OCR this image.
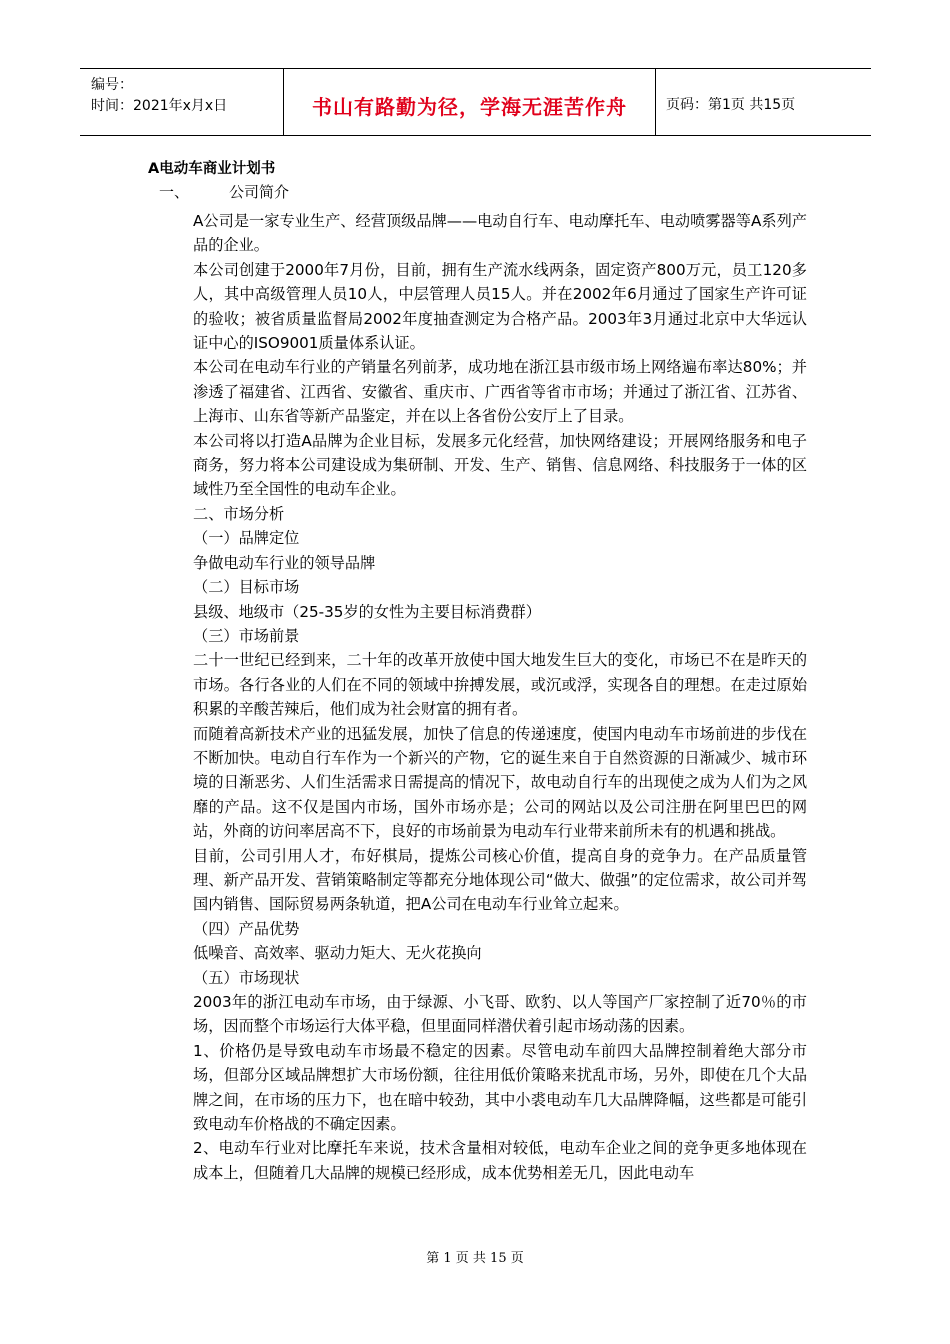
编号：
时间：2021年x月x日	书山有路勤为径，学海无涯苦作舟	页码：第1页 共15页
A电动车商业计划书
一、	公司简介

A公司是一家专业生产、经营顶级品牌——电动自行车、电动摩托车、电动喷雾器等A系列产品的企业。

本公司创建于2000年7月份，目前，拥有生产流水线两条，固定资产800万元，员工120多人，其中高级管理人员10人，中层管理人员15人。并在2002年6月通过了国家生产许可证的验收；被省质量监督局2002年度抽查测定为合格产品。2003年3月通过北京中大华远认证中心的ISO9001质量体系认证。

本公司在电动车行业的产销量名列前茅，成功地在浙江县市级市场上网络遍布率达80%；并渗透了福建省、江西省、安徽省、重庆市、广西省等省市市场；并通过了浙江省、江苏省、上海市、山东省等新产品鉴定，并在以上各省份公安厅上了目录。

本公司将以打造A品牌为企业目标，发展多元化经营，加快网络建设；开展网络服务和电子商务，努力将本公司建设成为集研制、开发、生产、销售、信息网络、科技服务于一体的区域性乃至全国性的电动车企业。

二、市场分析

（一）品牌定位

争做电动车行业的领导品牌

（二）目标市场

县级、地级市（25-35岁的女性为主要目标消费群）

（三）市场前景

二十一世纪已经到来，二十年的改革开放使中国大地发生巨大的变化，市场已不在是昨天的市场。各行各业的人们在不同的领域中拚搏发展，或沉或浮，实现各自的理想。在走过原始积累的辛酸苦辣后，他们成为社会财富的拥有者。

而随着高新技术产业的迅猛发展，加快了信息的传递速度，使国内电动车市场前进的步伐在不断加快。电动自行车作为一个新兴的产物，它的诞生来自于自然资源的日渐减少、城市环境的日渐恶劣、人们生活需求日需提高的情况下，故电动自行车的出现使之成为人们为之风靡的产品。这不仅是国内市场，国外市场亦是；公司的网站以及公司注册在阿里巴巴的网站，外商的访问率居高不下，良好的市场前景为电动车行业带来前所未有的机遇和挑战。

目前，公司引用人才，布好棋局，提炼公司核心价值，提高自身的竞争力。在产品质量管理、新产品开发、营销策略制定等都充分地体现公司“做大、做强”的定位需求，故公司并驾国内销售、国际贸易两条轨道，把A公司在电动车行业耸立起来。

（四）产品优势

低噪音、高效率、驱动力矩大、无火花换向

（五）市场现状

2003年的浙江电动车市场，由于绿源、小飞哥、欧豹、以人等国产厂家控制了近70％的市场，因而整个市场运行大体平稳，但里面同样潜伏着引起市场动荡的因素。

1、价格仍是导致电动车市场最不稳定的因素。尽管电动车前四大品牌控制着绝大部分市场，但部分区域品牌想扩大市场份额，往往用低价策略来扰乱市场，另外，即使在几个大品牌之间，在市场的压力下，也在暗中较劲，其中小裘电动车几大品牌降幅，这些都是可能引致电动车价格战的不确定因素。

2、电动车行业对比摩托车来说，技术含量相对较低，电动车企业之间的竞争更多地体现在成本上，但随着几大品牌的规模已经形成，成本优势相差无几，因此电动车

第 1 页 共 15 页
